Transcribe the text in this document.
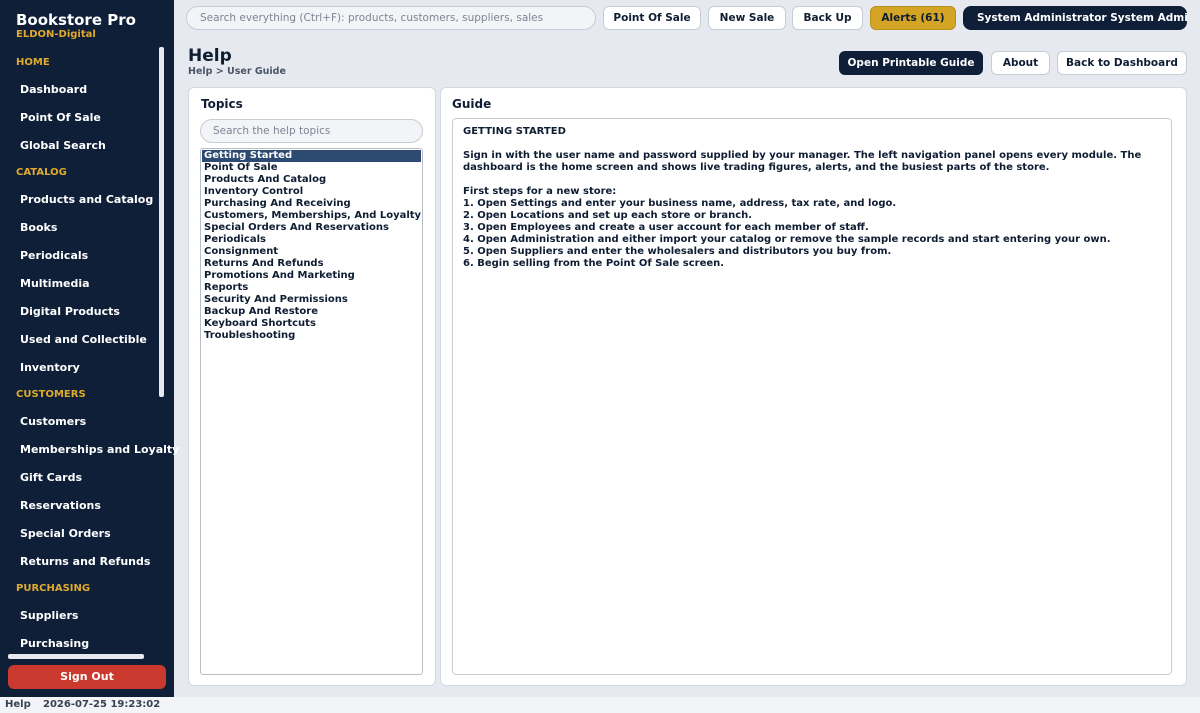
Bookstore Pro
ELDON-Digital
HOME
Dashboard
Point Of Sale
Global Search
CATALOG
Products and Catalog
Books
Periodicals
Multimedia
Digital Products
Used and Collectible
Inventory
CUSTOMERS
Customers
Memberships and Loyalty
Gift Cards
Reservations
Special Orders
Returns and Refunds
PURCHASING
Suppliers
Purchasing
Sign Out
Search everything (Ctrl+F): products, customers, suppliers, sales	Point Of Sale	New Sale	Back Up	Alerts (61)	System Administrator System Admi
Help
Help > User Guide
Open Printable Guide	About	Back to Dashboard
Topics
Search the help topics
Getting Started
Point Of Sale
Products And Catalog
Inventory Control
Purchasing And Receiving
Customers, Memberships, And Loyalty
Special Orders And Reservations
Periodicals
Consignment
Returns And Refunds
Promotions And Marketing
Reports
Security And Permissions
Backup And Restore
Keyboard Shortcuts
Troubleshooting
Guide
GETTING STARTED
Sign in with the user name and password supplied by your manager. The left navigation panel opens every module. The
dashboard is the home screen and shows live trading figures, alerts, and the busiest parts of the store.
First steps for a new store:
1. Open Settings and enter your business name, address, tax rate, and logo.
2. Open Locations and set up each store or branch.
3. Open Employees and create a user account for each member of staff.
4. Open Administration and either import your catalog or remove the sample records and start entering your own.
5. Open Suppliers and enter the wholesalers and distributors you buy from.
6. Begin selling from the Point Of Sale screen.
Help 2026-07-25 19:23:02
